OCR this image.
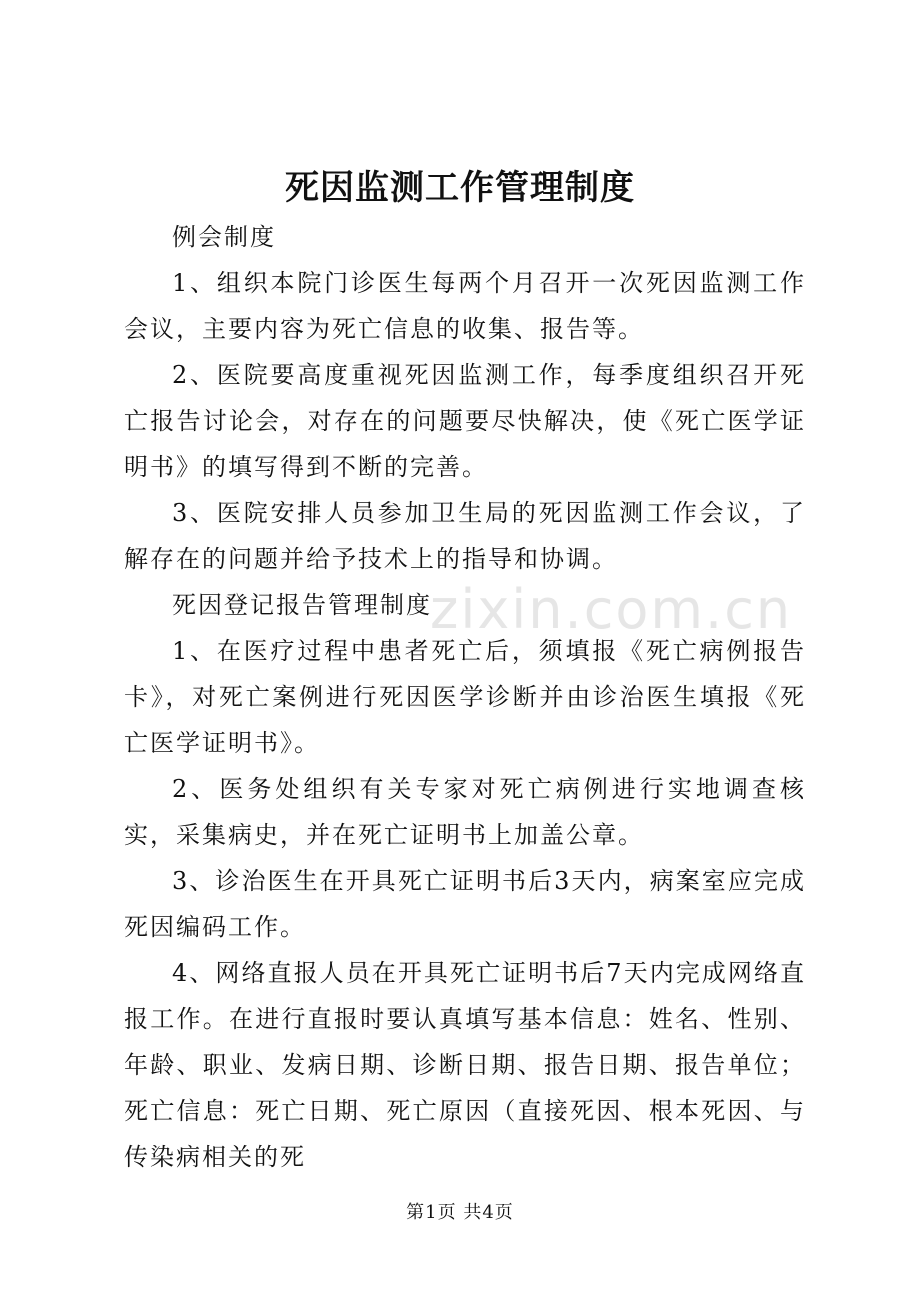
zixin.com.cn
死因监测工作管理制度

例会制度

1、组织本院门诊医生每两个月召开一次死因监测工作会议，主要内容为死亡信息的收集、报告等。

2、医院要高度重视死因监测工作，每季度组织召开死亡报告讨论会，对存在的问题要尽快解决，使《死亡医学证明书》的填写得到不断的完善。

3、医院安排人员参加卫生局的死因监测工作会议，了解存在的问题并给予技术上的指导和协调。

死因登记报告管理制度

1、在医疗过程中患者死亡后，须填报《死亡病例报告卡》，对死亡案例进行死因医学诊断并由诊治医生填报《死亡医学证明书》。

2、医务处组织有关专家对死亡病例进行实地调查核实，采集病史，并在死亡证明书上加盖公章。

3、诊治医生在开具死亡证明书后3天内，病案室应完成死因编码工作。

4、网络直报人员在开具死亡证明书后7天内完成网络直报工作。在进行直报时要认真填写基本信息：姓名、性别、年龄、职业、发病日期、诊断日期、报告日期、报告单位；死亡信息：死亡日期、死亡原因（直接死因、根本死因、与传染病相关的死

第1页 共4页
